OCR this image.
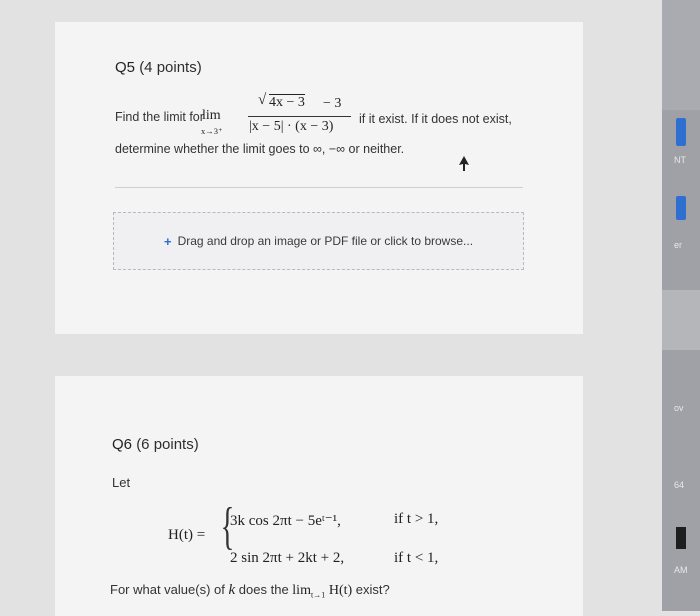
Q5 (4 points)
Find the limit for
lim
x→3⁺
√ 4x − 3 − 3
|x − 5| · (x − 3) if it exist. If it does not exist,
determine whether the limit goes to ∞, −∞ or neither.
+ Drag and drop an image or PDF file or click to browse...
Q6 (6 points)
Let
H(t) = {
3k cos 2πt − 5eᵗ⁻¹,	if t > 1,
2 sin 2πt + 2kt + 2,	if t < 1,
For what value(s) of k does the $\lim_{t\to 1} H(t)$ exist?
NT
er
ov
64
AM
